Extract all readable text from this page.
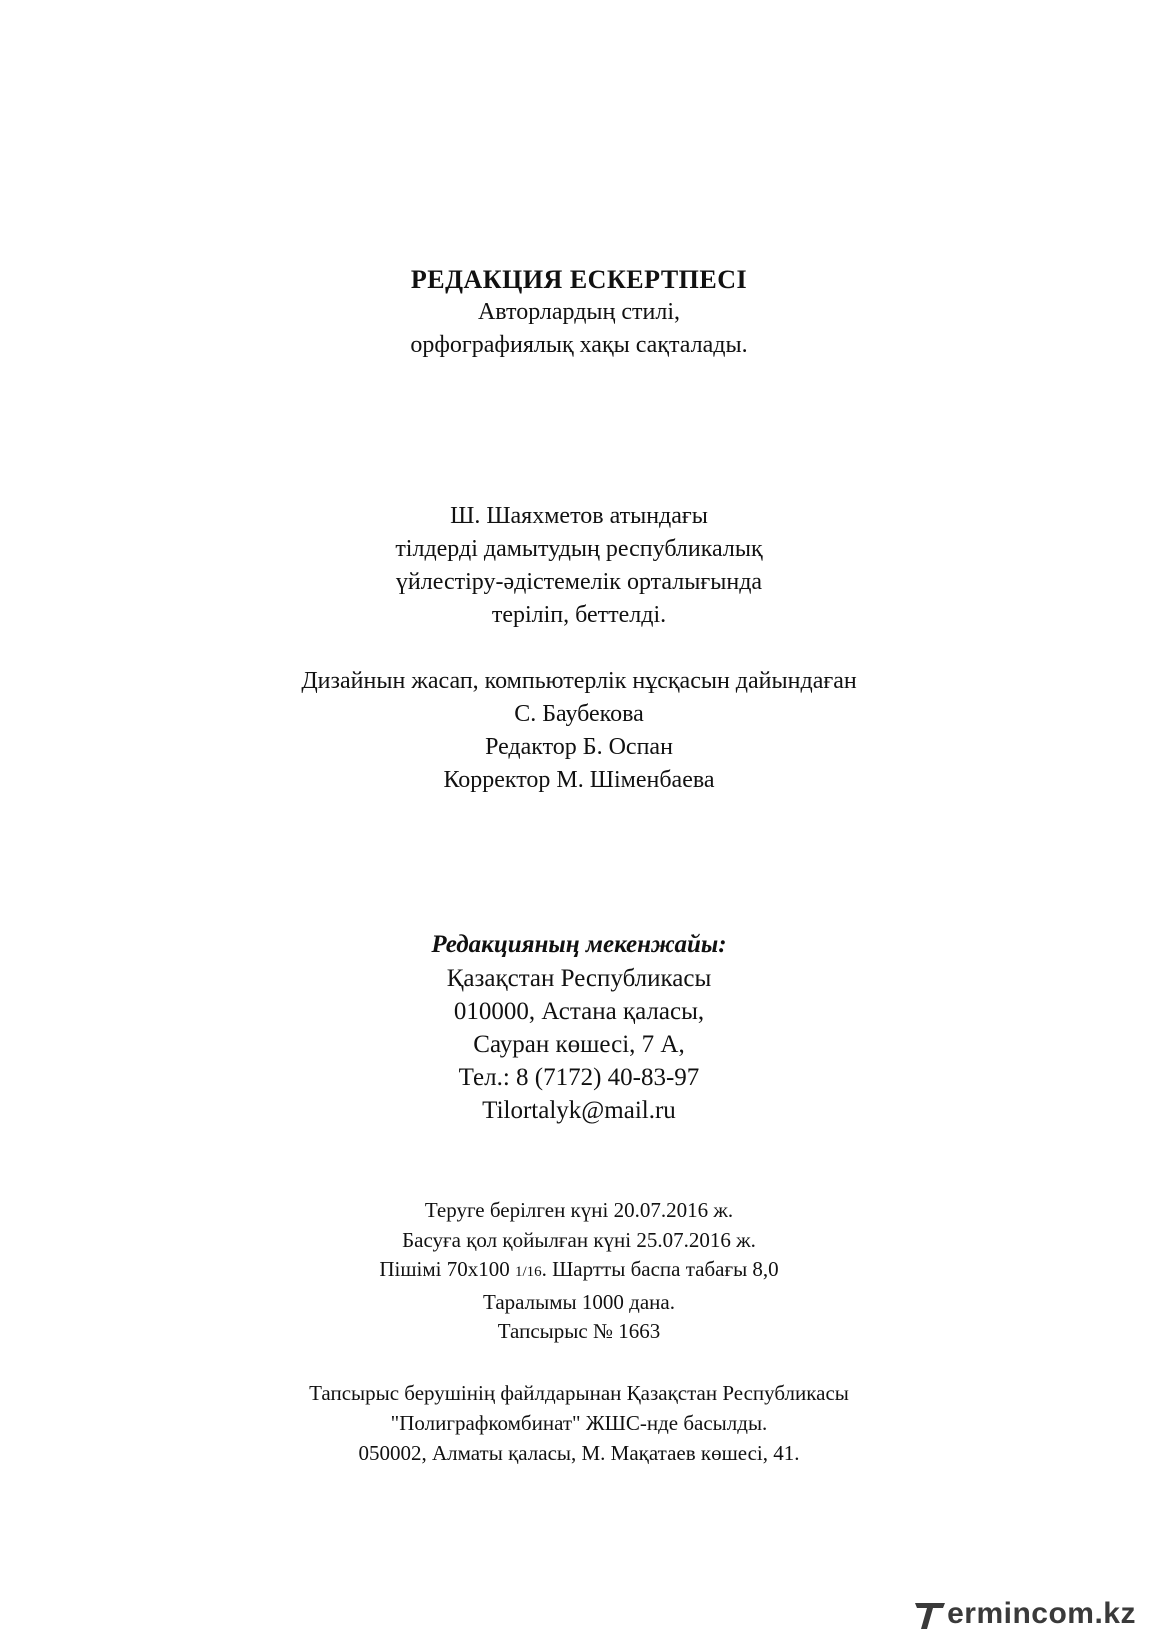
РЕДАКЦИЯ ЕСКЕРТПЕСІ

Авторлардың стилі,

орфографиялық хақы сақталады.

Ш. Шаяхметов атындағы

тілдерді дамытудың республикалық

үйлестіру-әдістемелік орталығында

теріліп, беттелді.

Дизайнын жасап, компьютерлік нұсқасын дайындаған

С. Баубекова

Редактор Б. Оспан

Корректор М. Шіменбаева

Редакцияның мекенжайы:

Қазақстан Республикасы

010000, Астана қаласы,

Сауран көшесі, 7 А,

Тел.: 8 (7172) 40-83-97

Tilortalyk@mail.ru

Теруге берілген күні 20.07.2016 ж.

Басуға қол қойылған күні 25.07.2016 ж.

Пішімі 70х100 1/16. Шартты баспа табағы 8,0

Таралымы 1000 дана.

Тапсырыс № 1663

Тапсырыс берушінің файлдарынан Қазақстан Республикасы

"Полиграфкомбинат" ЖШС-нде басылды.

050002, Алматы қаласы, М. Мақатаев көшесі, 41.

ermincom.kz
